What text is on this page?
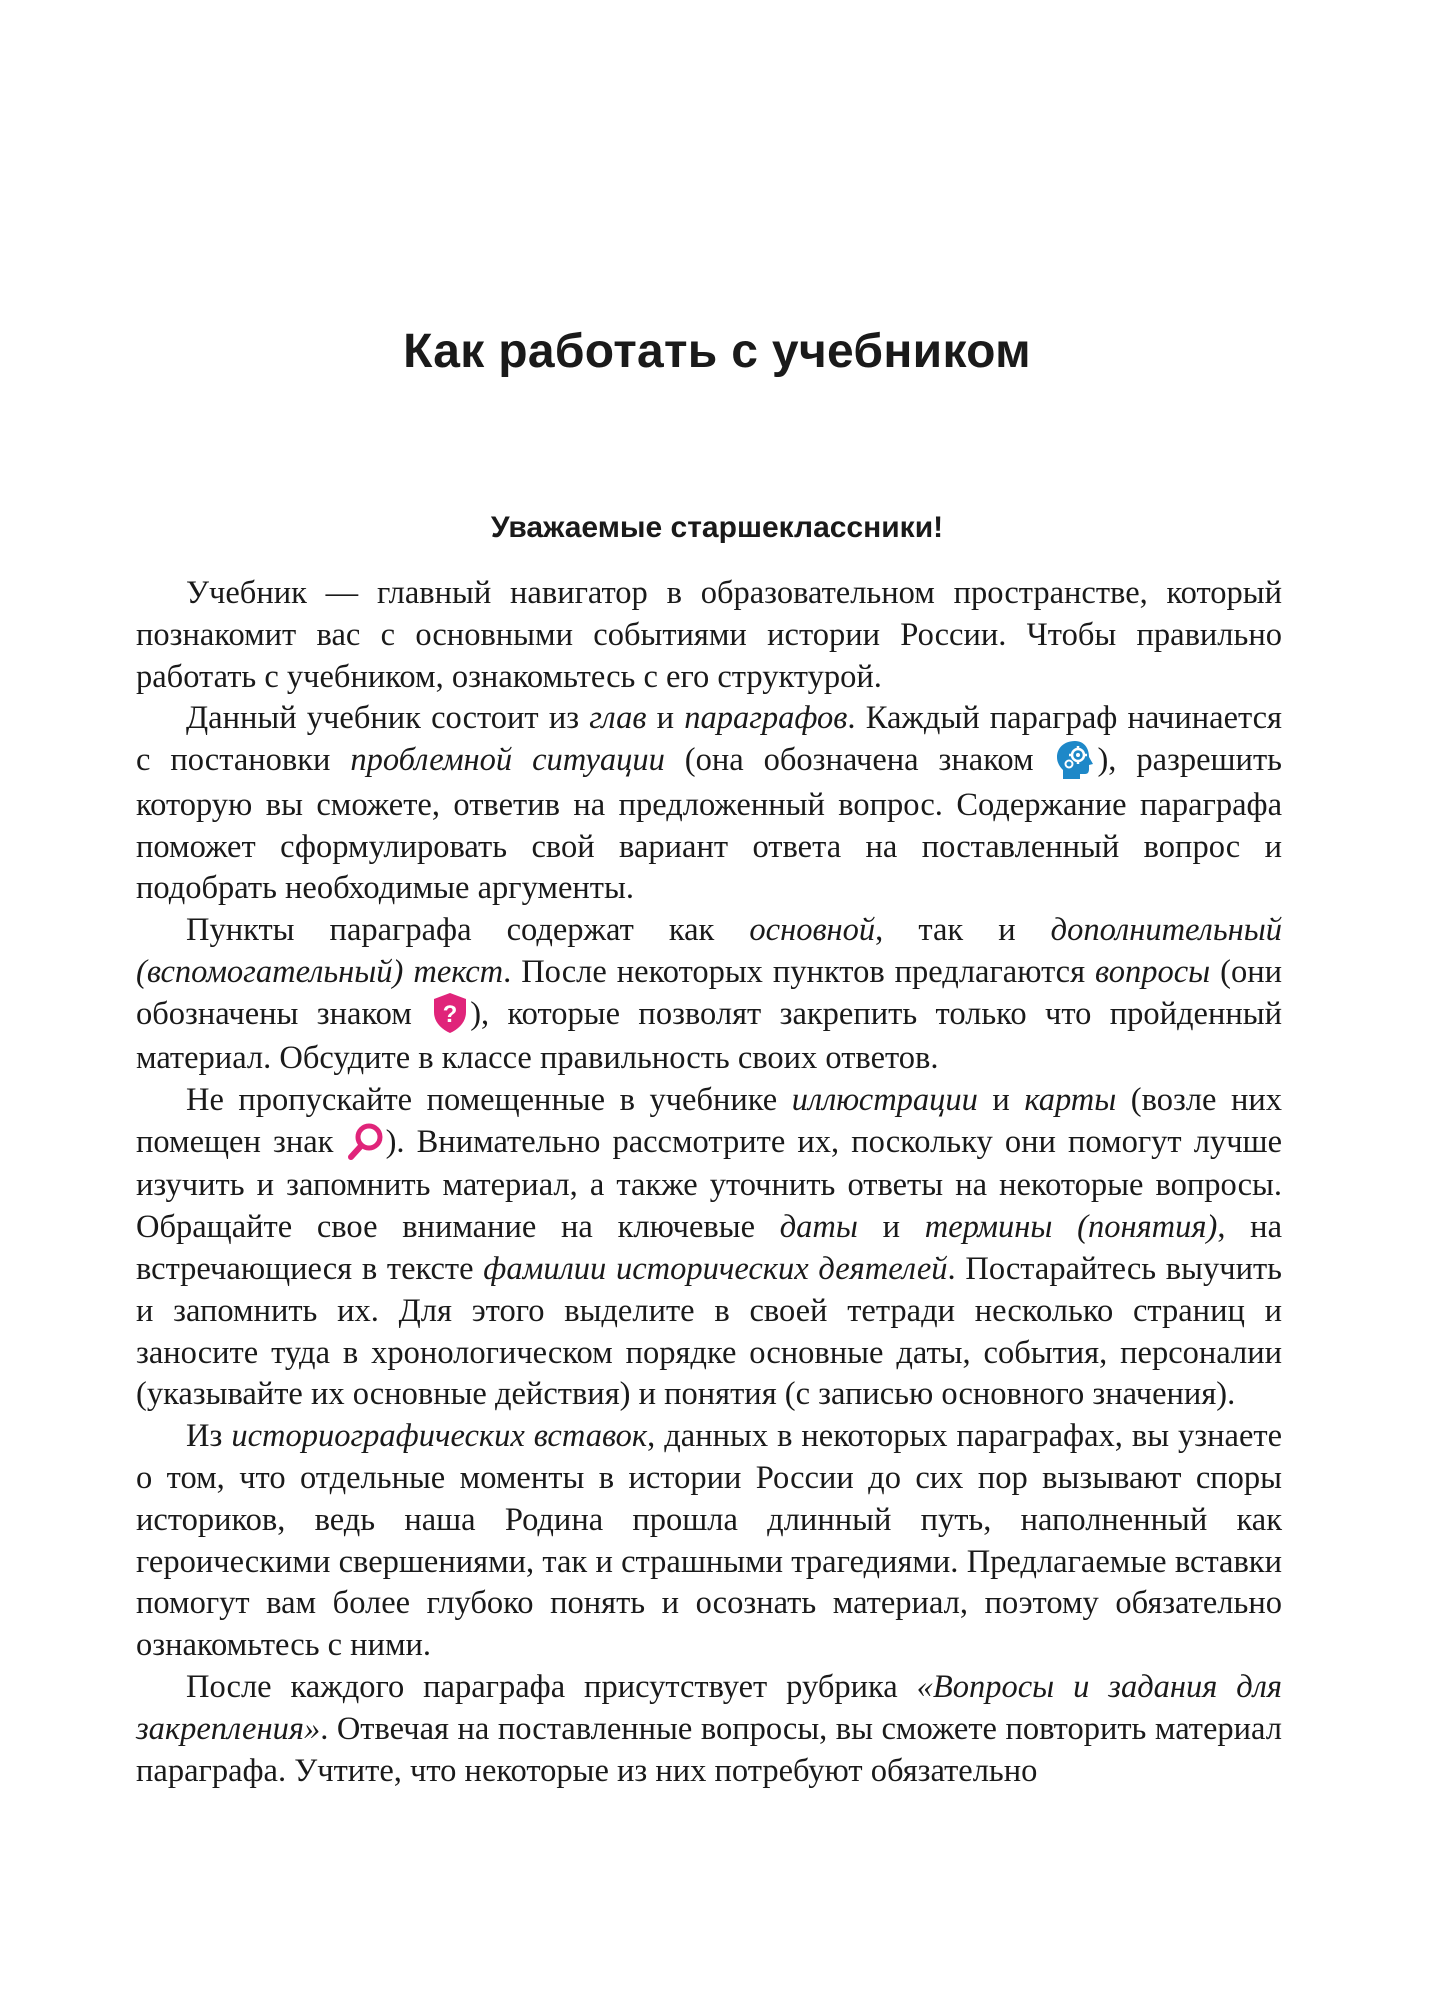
Как работать с учебником
Уважаемые старшеклассники!

Учебник — главный навигатор в образовательном пространстве, который познакомит вас с основными событиями истории России. Чтобы правильно работать с учебником, ознакомьтесь с его структурой.

Данный учебник состоит из глав и параграфов. Каждый параграф начинается с постановки проблемной ситуации (она обозначена знаком
), разрешить которую вы сможете, ответив на предложенный вопрос. Содержание параграфа поможет сформулировать свой вариант ответа на поставленный вопрос и подобрать необходимые аргументы.

Пункты параграфа содержат как основной, так и дополнительный (вспомогательный) текст. После некоторых пунктов предлагаются вопросы (они обозначены знаком ? ), которые позволят закрепить только что пройденный материал. Обсудите в классе правильность своих ответов.

Не пропускайте помещенные в учебнике иллюстрации и карты (возле них помещен знак
). Внимательно рассмотрите их, поскольку они помогут лучше изучить и запомнить материал, а также уточнить ответы на некоторые вопросы. Обращайте свое внимание на ключевые даты и термины (понятия), на встречающиеся в тексте фамилии исторических деятелей. Постарайтесь выучить и запомнить их. Для этого выделите в своей тетради несколько страниц и заносите туда в хронологическом порядке основные даты, события, персоналии (указывайте их основные действия) и понятия (с записью основного значения).

Из историографических вставок, данных в некоторых параграфах, вы узнаете о том, что отдельные моменты в истории России до сих пор вызывают споры историков, ведь наша Родина прошла длинный путь, наполненный как героическими свершениями, так и страшными трагедиями. Предлагаемые вставки помогут вам более глубоко понять и осознать материал, поэтому обязательно ознакомьтесь с ними.

После каждого параграфа присутствует рубрика «Вопросы и задания для закрепления». Отвечая на поставленные вопросы, вы сможете повторить материал параграфа. Учтите, что некоторые из них потребуют обязательно
